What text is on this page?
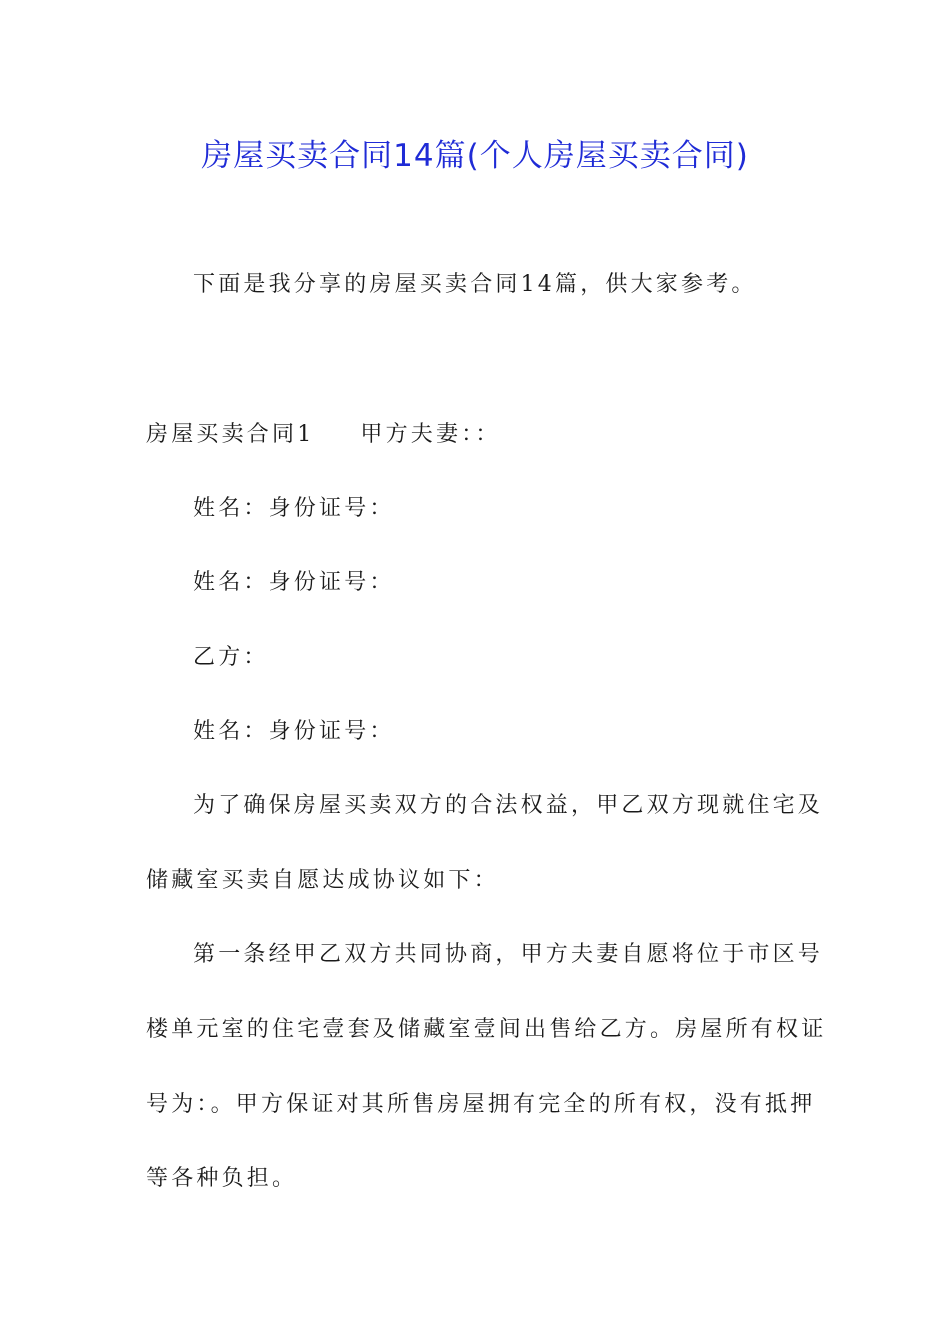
房屋买卖合同14篇(个人房屋买卖合同)
下面是我分享的房屋买卖合同14篇，供大家参考。
房屋买卖合同1 甲方夫妻：：
姓名：身份证号：
姓名：身份证号：
乙方：
姓名：身份证号：
为了确保房屋买卖双方的合法权益，甲乙双方现就住宅及
储藏室买卖自愿达成协议如下：
第一条经甲乙双方共同协商，甲方夫妻自愿将位于市区号
楼单元室的住宅壹套及储藏室壹间出售给乙方。房屋所有权证
号为：。甲方保证对其所售房屋拥有完全的所有权，没有抵押
等各种负担。
